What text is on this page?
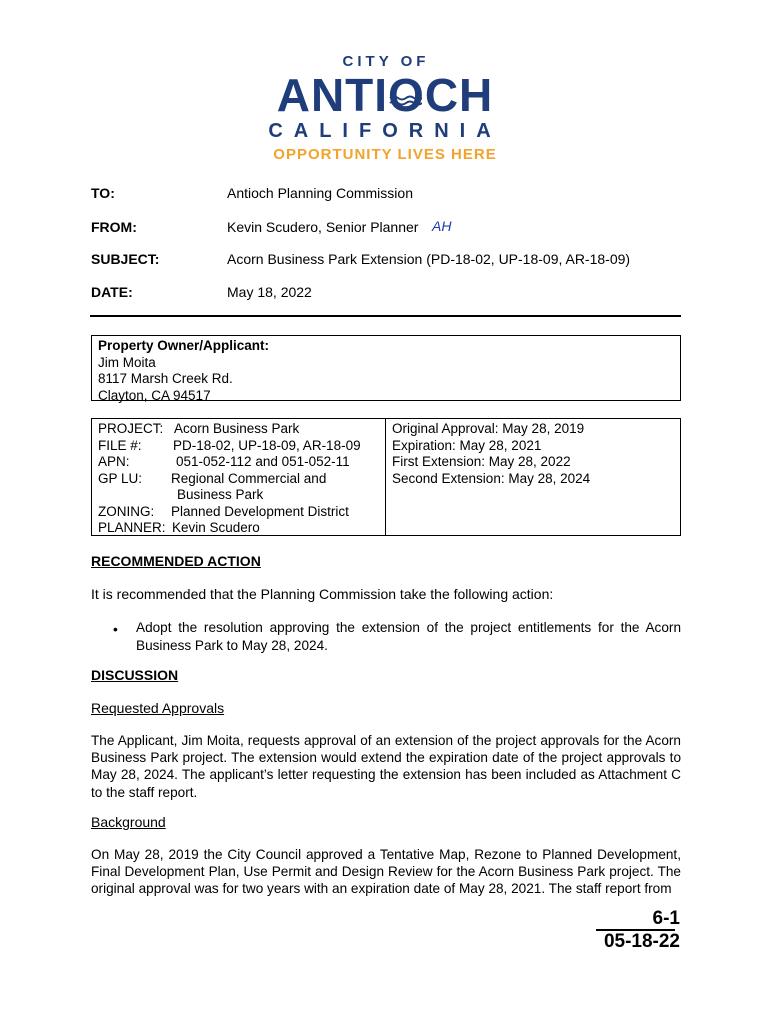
CITY OF
ANTIOCH
CALIFORNIA
OPPORTUNITY LIVES HERE
TO:	Antioch Planning Commission
FROM:	Kevin Scudero, Senior Planner AH
SUBJECT:	Acorn Business Park Extension (PD-18-02, UP-18-09, AR-18-09)
DATE:	May 18, 2022
Property Owner/Applicant:
Jim Moita
8117 Marsh Creek Rd.
Clayton, CA 94517
PROJECT: Acorn Business Park
FILE #: PD-18-02, UP-18-09, AR-18-09
APN:	051-052-112 and 051-052-11
GP LU: Regional Commercial and
Business Park
ZONING: Planned Development District
PLANNER: Kevin Scudero
Original Approval: May 28, 2019
Expiration: May 28, 2021
First Extension: May 28, 2022
Second Extension: May 28, 2024
RECOMMENDED ACTION
It is recommended that the Planning Commission take the following action:
• Adopt the resolution approving the extension of the project entitlements for the Acorn Business Park to May 28, 2024.
DISCUSSION
Requested Approvals
The Applicant, Jim Moita, requests approval of an extension of the project approvals for the Acorn Business Park project. The extension would extend the expiration date of the project approvals to May 28, 2024. The applicant’s letter requesting the extension has been included as Attachment C to the staff report.
Background
On May 28, 2019 the City Council approved a Tentative Map, Rezone to Planned Development, Final Development Plan, Use Permit and Design Review for the Acorn Business Park project. The original approval was for two years with an expiration date of May 28, 2021. The staff report from
6-1
05-18-22
